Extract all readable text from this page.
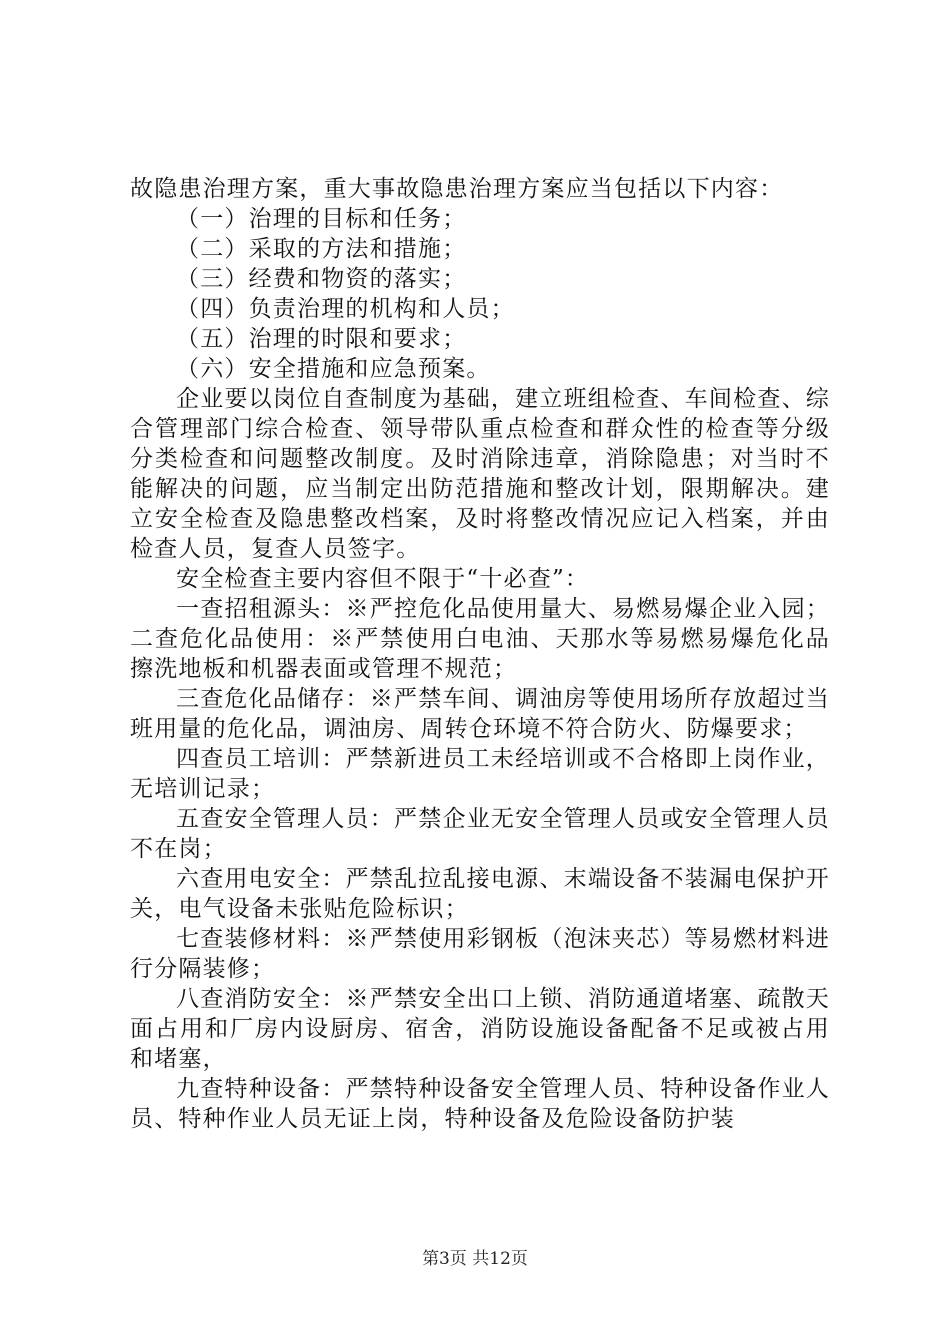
故隐患治理方案，重大事故隐患治理方案应当包括以下内容：

（一）治理的目标和任务；

（二）采取的方法和措施；

（三）经费和物资的落实；

（四）负责治理的机构和人员；

（五）治理的时限和要求；

（六）安全措施和应急预案。

企业要以岗位自查制度为基础，建立班组检查、车间检查、综合管理部门综合检查、领导带队重点检查和群众性的检查等分级分类检查和问题整改制度。及时消除违章，消除隐患；对当时不能解决的问题，应当制定出防范措施和整改计划，限期解决。建立安全检查及隐患整改档案，及时将整改情况应记入档案，并由检查人员，复查人员签字。

安全检查主要内容但不限于“十必查”：

一查招租源头：※严控危化品使用量大、易燃易爆企业入园；二查危化品使用：※严禁使用白电油、天那水等易燃易爆危化品擦洗地板和机器表面或管理不规范；

三查危化品储存：※严禁车间、调油房等使用场所存放超过当班用量的危化品，调油房、周转仓环境不符合防火、防爆要求；

四查员工培训：严禁新进员工未经培训或不合格即上岗作业，无培训记录；

五查安全管理人员：严禁企业无安全管理人员或安全管理人员不在岗；

六查用电安全：严禁乱拉乱接电源、末端设备不装漏电保护开关，电气设备未张贴危险标识；

七查装修材料：※严禁使用彩钢板（泡沫夹芯）等易燃材料进行分隔装修；

八查消防安全：※严禁安全出口上锁、消防通道堵塞、疏散天面占用和厂房内设厨房、宿舍，消防设施设备配备不足或被占用和堵塞，

九查特种设备：严禁特种设备安全管理人员、特种设备作业人员、特种作业人员无证上岗，特种设备及危险设备防护装

第3页 共12页
